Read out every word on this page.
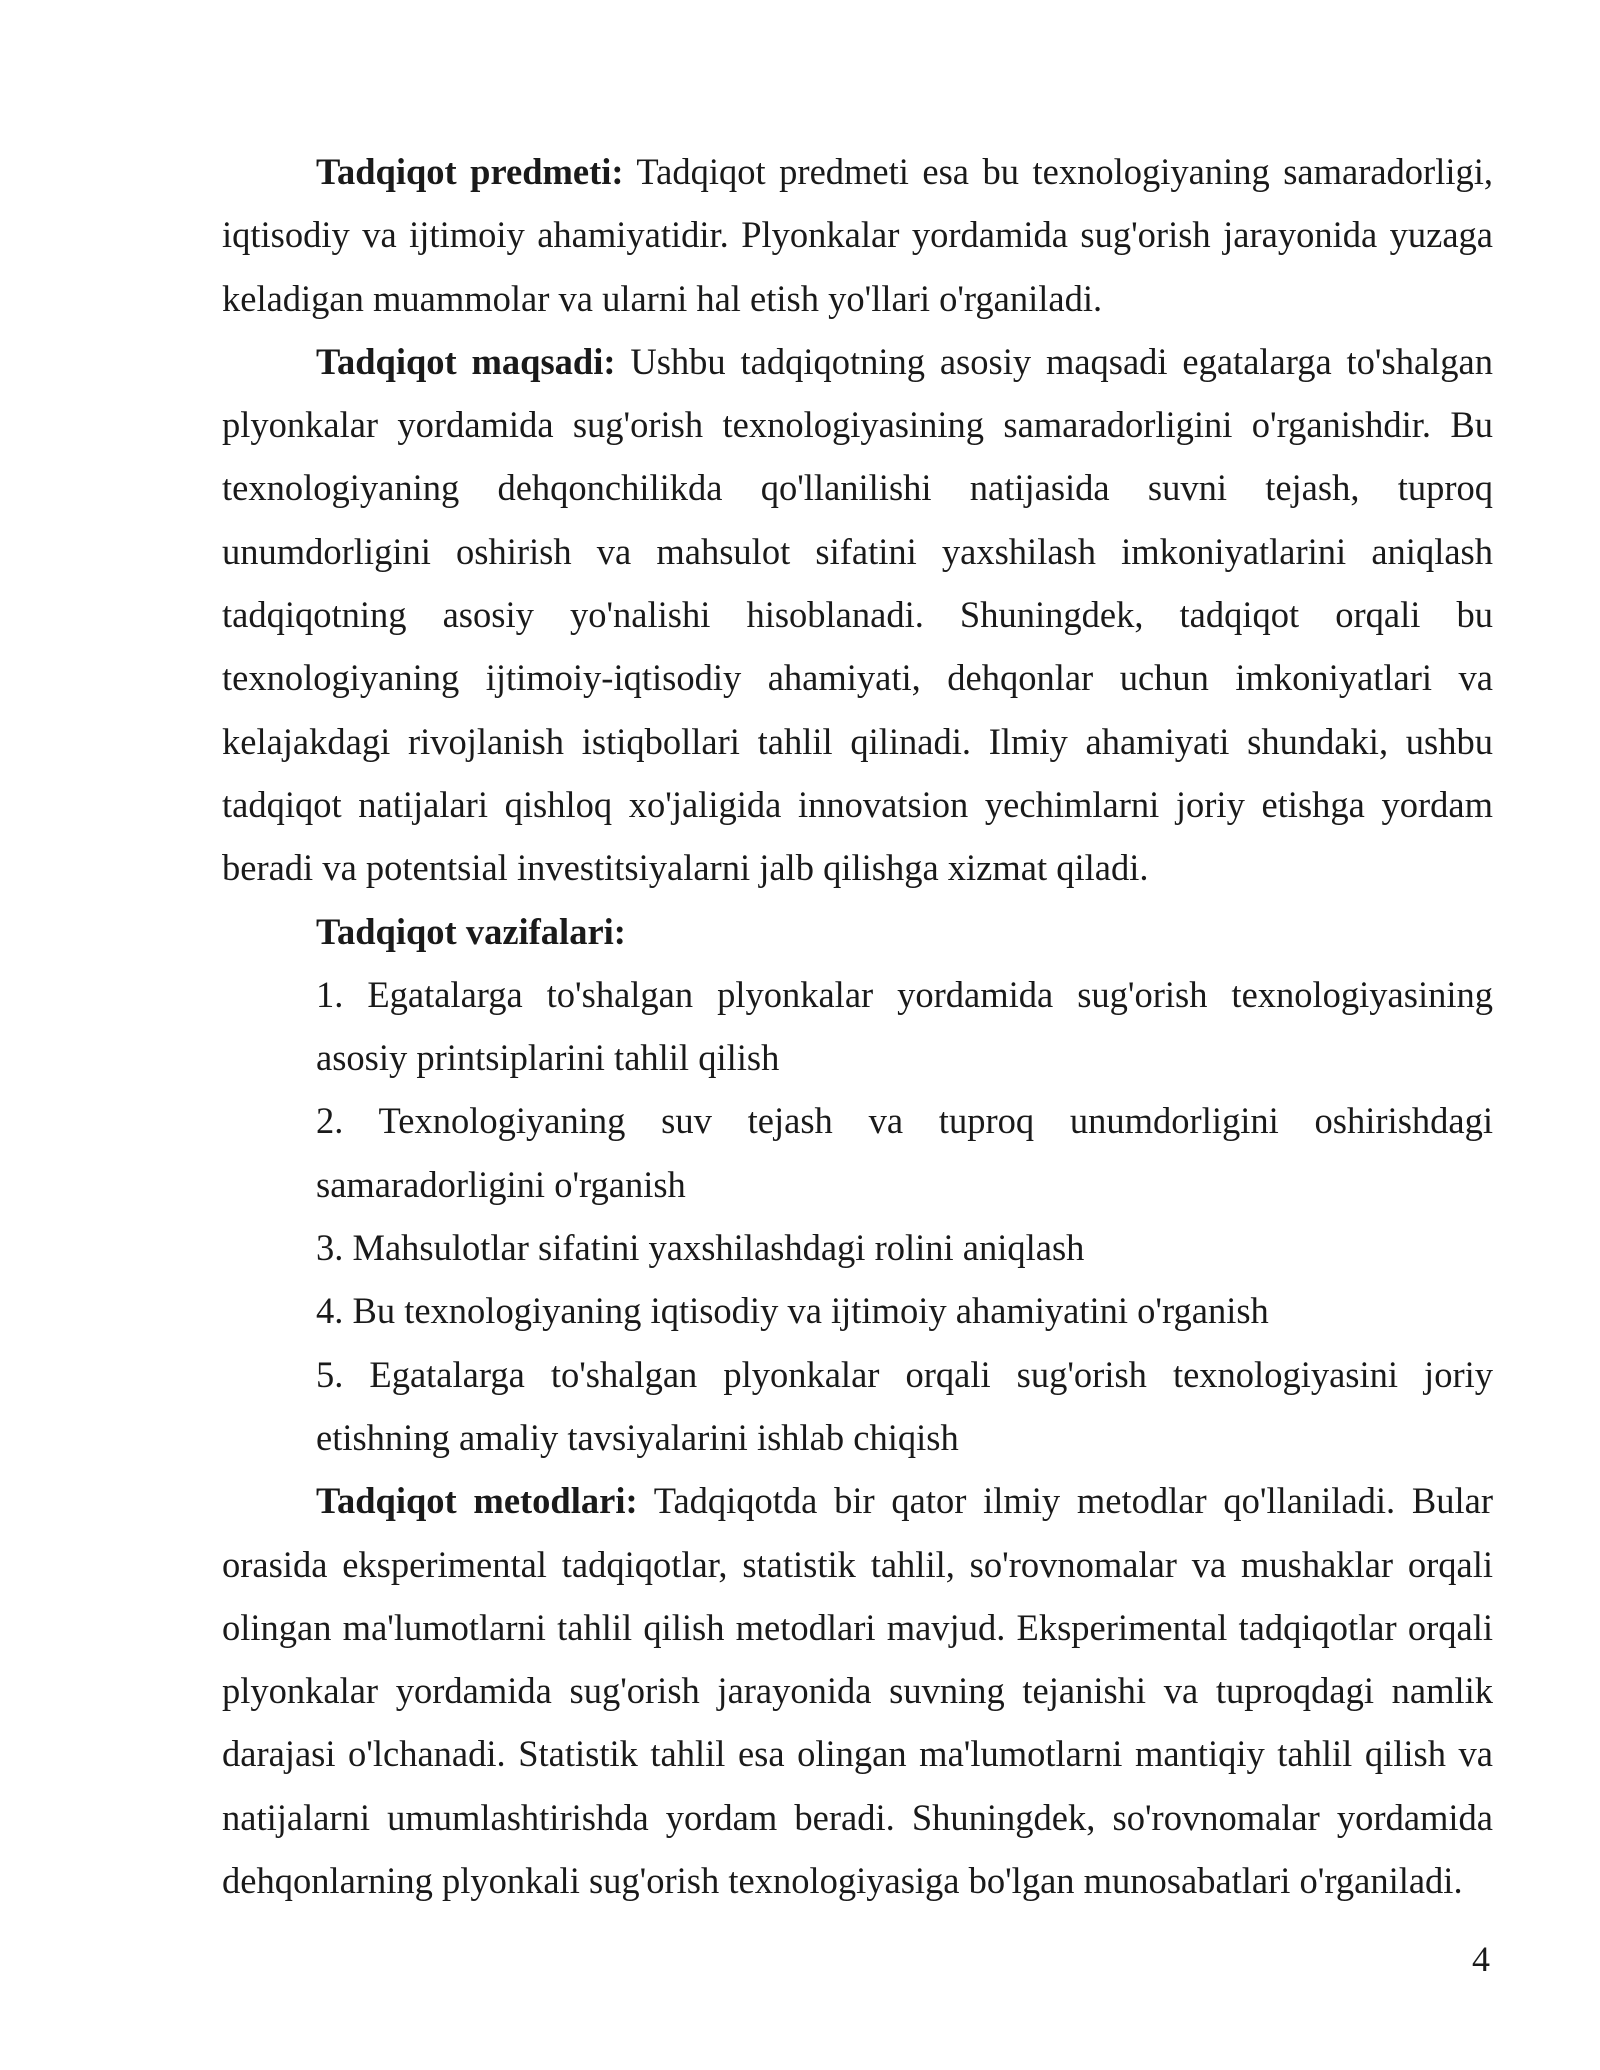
Tadqiqot predmeti: Tadqiqot predmeti esa bu texnologiyaning samaradorligi, iqtisodiy va ijtimoiy ahamiyatidir. Plyonkalar yordamida sug'orish jarayonida yuzaga keladigan muammolar va ularni hal etish yo'llari o'rganiladi.

Tadqiqot maqsadi: Ushbu tadqiqotning asosiy maqsadi egatalarga to'shalgan plyonkalar yordamida sug'orish texnologiyasining samaradorligini o'rganishdir. Bu texnologiyaning dehqonchilikda qo'llanilishi natijasida suvni tejash, tuproq unumdorligini oshirish va mahsulot sifatini yaxshilash imkoniyatlarini aniqlash tadqiqotning asosiy yo'nalishi hisoblanadi. Shuningdek, tadqiqot orqali bu texnologiyaning ijtimoiy-iqtisodiy ahamiyati, dehqonlar uchun imkoniyatlari va kelajakdagi rivojlanish istiqbollari tahlil qilinadi. Ilmiy ahamiyati shundaki, ushbu tadqiqot natijalari qishloq xo'jaligida innovatsion yechimlarni joriy etishga yordam beradi va potentsial investitsiyalarni jalb qilishga xizmat qiladi.

Tadqiqot vazifalari:

1. Egatalarga to'shalgan plyonkalar yordamida sug'orish texnologiyasining asosiy printsiplarini tahlil qilish
2. Texnologiyaning suv tejash va tuproq unumdorligini oshirishdagi samaradorligini o'rganish
3. Mahsulotlar sifatini yaxshilashdagi rolini aniqlash
4. Bu texnologiyaning iqtisodiy va ijtimoiy ahamiyatini o'rganish
5. Egatalarga to'shalgan plyonkalar orqali sug'orish texnologiyasini joriy etishning amaliy tavsiyalarini ishlab chiqish

Tadqiqot metodlari: Tadqiqotda bir qator ilmiy metodlar qo'llaniladi. Bular orasida eksperimental tadqiqotlar, statistik tahlil, so'rovnomalar va mushaklar orqali olingan ma'lumotlarni tahlil qilish metodlari mavjud. Eksperimental tadqiqotlar orqali plyonkalar yordamida sug'orish jarayonida suvning tejanishi va tuproqdagi namlik darajasi o'lchanadi. Statistik tahlil esa olingan ma'lumotlarni mantiqiy tahlil qilish va natijalarni umumlashtirishda yordam beradi. Shuningdek, so'rovnomalar yordamida dehqonlarning plyonkali sug'orish texnologiyasiga bo'lgan munosabatlari o'rganiladi.

4
